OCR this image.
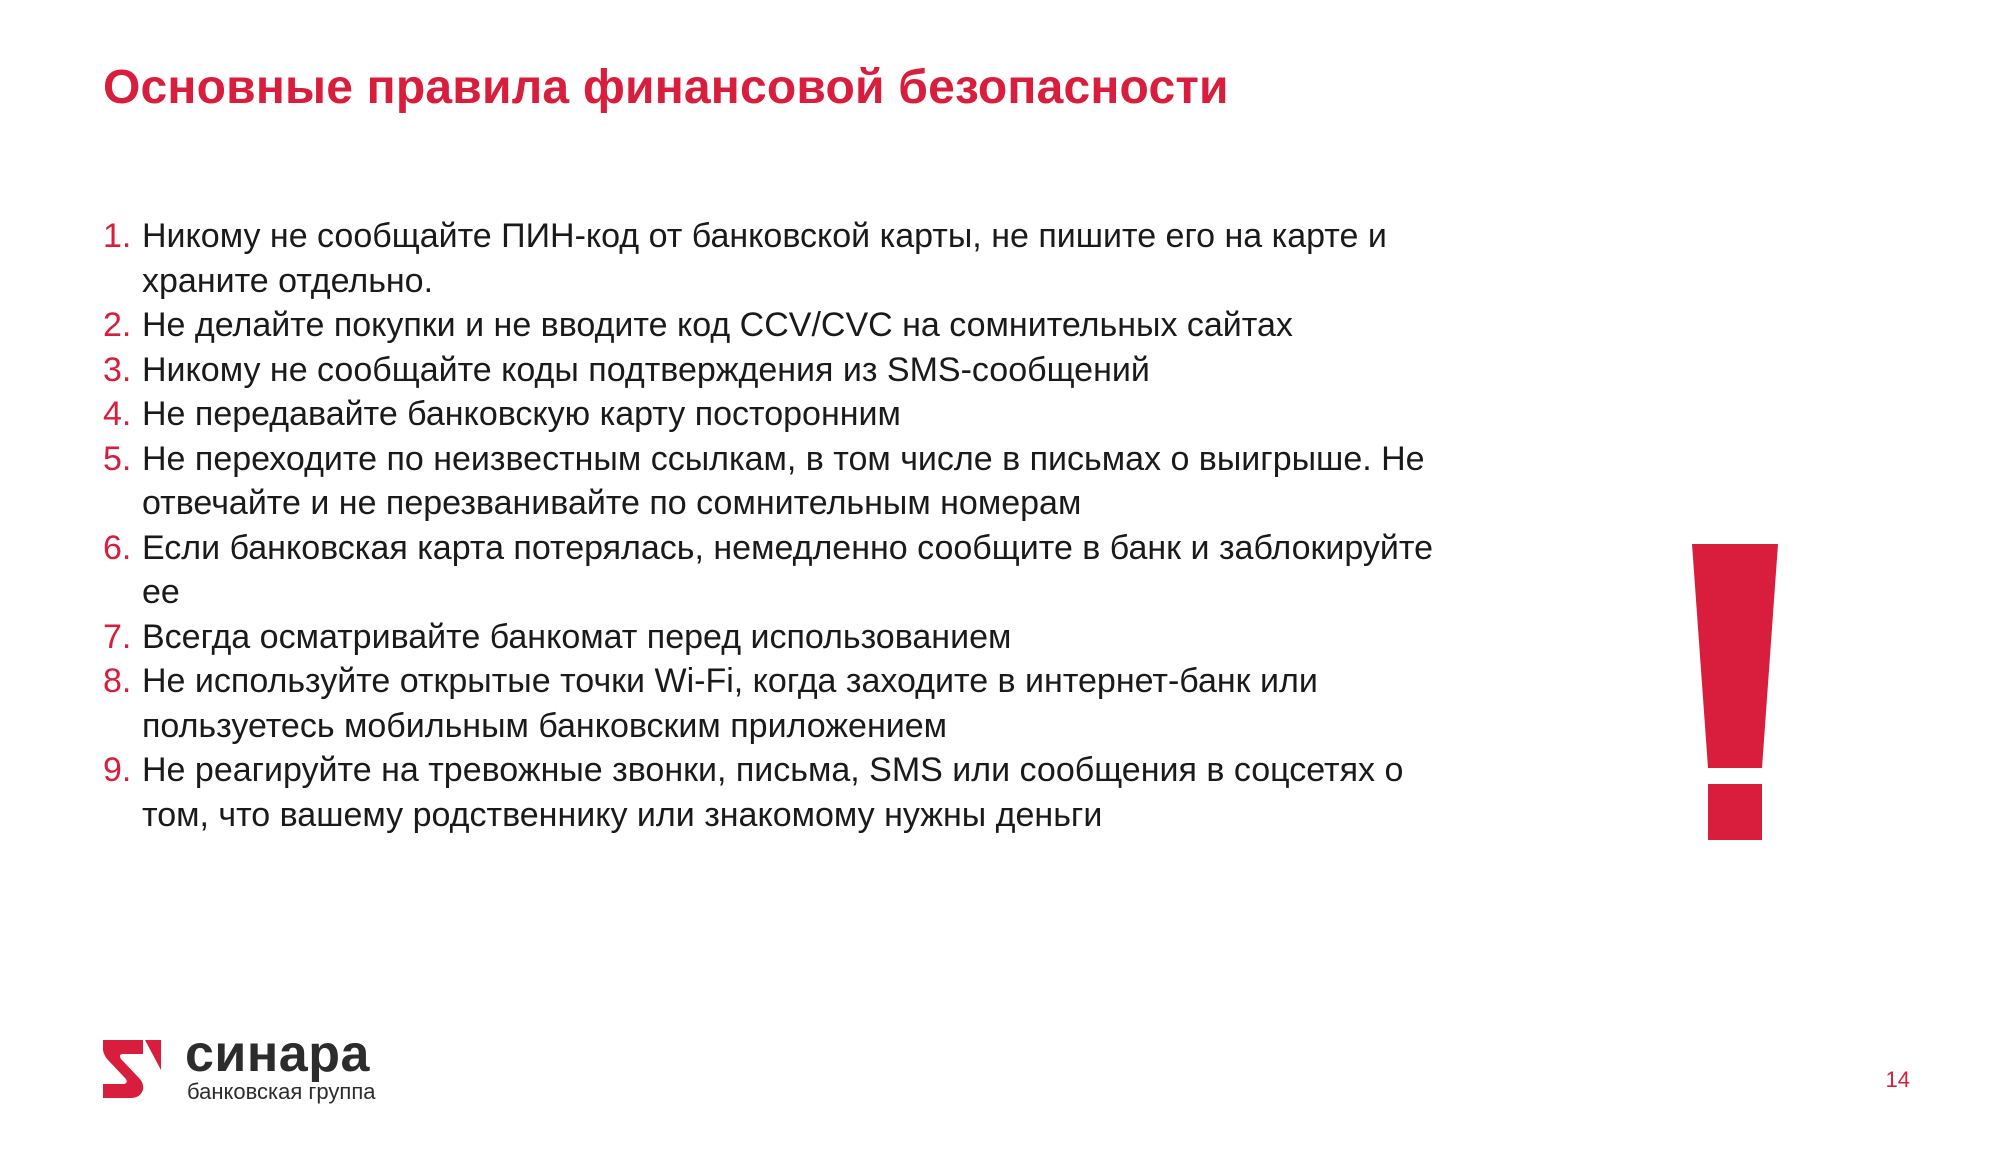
Основные правила финансовой безопасности
1. Никому не сообщайте ПИН-код от банковской карты, не пишите его на карте и храните отдельно.
2. Не делайте покупки и не вводите код CCV/CVC на сомнительных сайтах
3. Никому не сообщайте коды подтверждения из SMS-сообщений
4. Не передавайте банковскую карту посторонним
5. Не переходите по неизвестным ссылкам, в том числе в письмах о выигрыше. Не отвечайте и не перезванивайте по сомнительным номерам
6. Если банковская карта потерялась, немедленно сообщите в банк и заблокируйте ее
7. Всегда осматривайте банкомат перед использованием
8. Не используйте открытые точки Wi-Fi, когда заходите в интернет-банк или пользуетесь мобильным банковским приложением
9. Не реагируйте на тревожные звонки, письма, SMS или сообщения в соцсетях о том, что вашему родственнику или знакомому нужны деньги
синара
банковская группа	14
